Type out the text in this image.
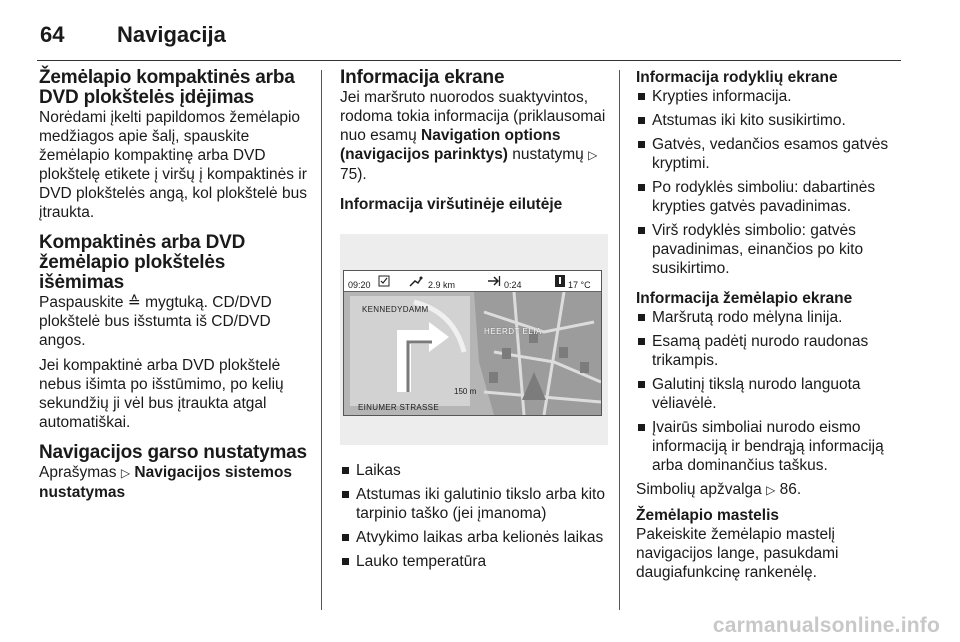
64 Navigacija
Žemėlapio kompaktinės arba DVD plokštelės įdėjimas

Norėdami įkelti papildomos žemėlapio medžiagos apie šalį, spauskite žemėlapio kompaktinę arba DVD plokštelę etikete į viršų į kompaktinės ir DVD plokštelės angą, kol plokštelė bus įtraukta.

Kompaktinės arba DVD žemėlapio plokštelės išėmimas

Paspauskite ≙ mygtuką. CD/DVD plokštelė bus išstumta iš CD/DVD angos.

Jei kompaktinė arba DVD plokštelė nebus išimta po išstūmimo, po kelių sekundžių ji vėl bus įtraukta atgal automatiškai.

Navigacijos garso nustatymas

Aprašymas ▷ Navigacijos sistemos nustatymas

Informacija ekrane

Jei maršruto nuorodos suaktyvintos, rodoma tokia informacija (priklausomai nuo esamų Navigation options (navigacijos parinktys) nustatymų ▷ 75).

Informacija viršutinėje eilutėje

09:20	2.9 km	0:24	17 °C
KENNEDYDAMM
HEERDT ELIA
150 m
EINUMER STRASSE
Laikas
Atstumas iki galutinio tikslo arba kito tarpinio taško (jei įmanoma)
Atvykimo laikas arba kelionės laikas
Lauko temperatūra

Informacija rodyklių ekrane

Krypties informacija.
Atstumas iki kito susikirtimo.
Gatvės, vedančios esamos gatvės kryptimi.
Po rodyklės simboliu: dabartinės krypties gatvės pavadinimas.
Virš rodyklės simbolio: gatvės pavadinimas, einančios po kito susikirtimo.

Informacija žemėlapio ekrane

Maršrutą rodo mėlyna linija.
Esamą padėtį nurodo raudonas trikampis.
Galutinį tikslą nurodo languota vėliavėlė.
Įvairūs simboliai nurodo eismo informaciją ir bendrąją informaciją arba dominančius taškus.

Simbolių apžvalga ▷ 86.

Žemėlapio mastelis

Pakeiskite žemėlapio mastelį navigacijos lange, pasukdami daugiafunkcinę rankenėlę.

carmanualsonline.info
